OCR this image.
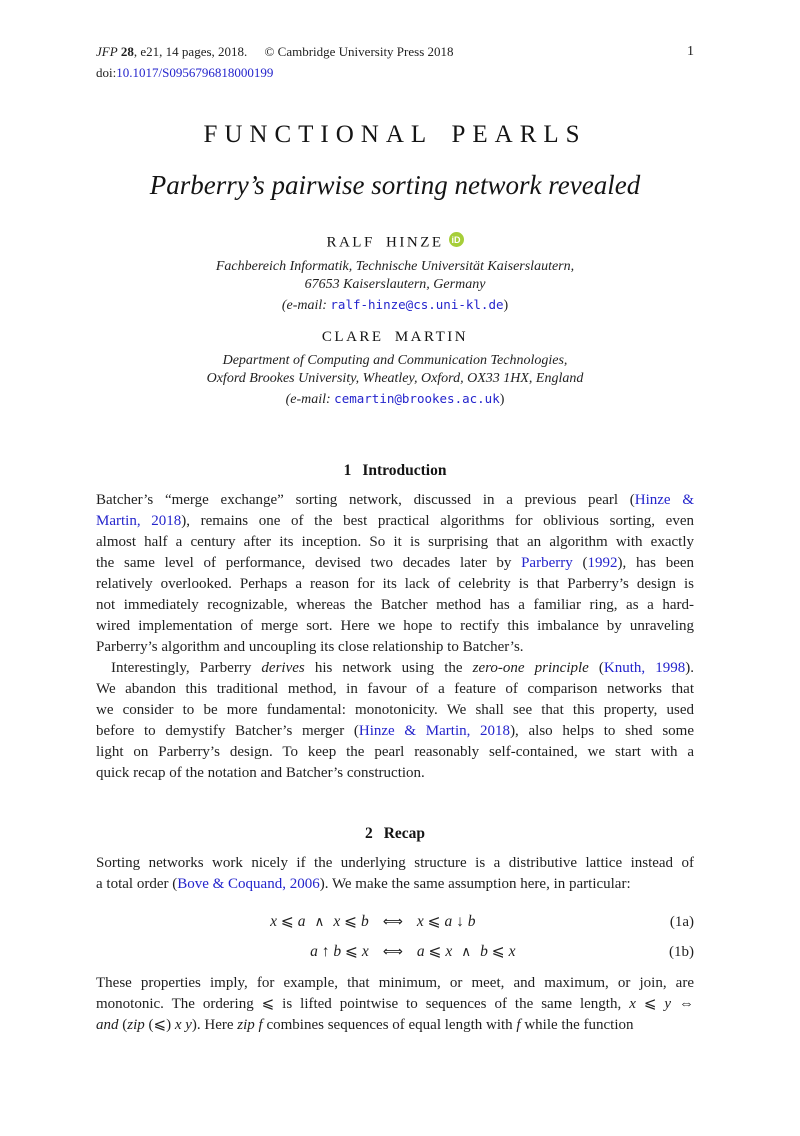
JFP 28, e21, 14 pages, 2018. © Cambridge University Press 2018	1
doi:10.1017/S0956796818000199
FUNCTIONAL PEARLS
Parberry’s pairwise sorting network revealed
RALF HINZE iD
Fachbereich Informatik, Technische Universität Kaiserslautern,
67653 Kaiserslautern, Germany
(e-mail: ralf-hinze@cs.uni-kl.de)
CLARE MARTIN
Department of Computing and Communication Technologies,
Oxford Brookes University, Wheatley, Oxford, OX33 1HX, England
(e-mail: cemartin@brookes.ac.uk)
1 Introduction
Batcher’s “merge exchange” sorting network, discussed in a previous pearl (Hinze &
Martin, 2018), remains one of the best practical algorithms for oblivious sorting, even
almost half a century after its inception. So it is surprising that an algorithm with exactly
the same level of performance, devised two decades later by Parberry (1992), has been
relatively overlooked. Perhaps a reason for its lack of celebrity is that Parberry’s design is
not immediately recognizable, whereas the Batcher method has a familiar ring, as a hard-
wired implementation of merge sort. Here we hope to rectify this imbalance by unraveling
Parberry’s algorithm and uncoupling its close relationship to Batcher’s.
Interestingly, Parberry derives his network using the zero-one principle (Knuth, 1998).
We abandon this traditional method, in favour of a feature of comparison networks that
we consider to be more fundamental: monotonicity. We shall see that this property, used
before to demystify Batcher’s merger (Hinze & Martin, 2018), also helps to shed some
light on Parberry’s design. To keep the pearl reasonably self-contained, we start with a
quick recap of the notation and Batcher’s construction.
2 Recap
Sorting networks work nicely if the underlying structure is a distributive lattice instead of
a total order (Bove & Coquand, 2006). We make the same assumption here, in particular:
x ⩽ a ∧ x ⩽ b	⟺ x ⩽ a ↓ b	(1a)
a ↑ b ⩽ x	⟺ a ⩽ x ∧ b ⩽ x	(1b)
These properties imply, for example, that minimum, or meet, and maximum, or join, are
monotonic. The ordering ⩽ is lifted pointwise to sequences of the same length, x ⩽ y ⇔
and (zip (⩽) x y). Here zip f combines sequences of equal length with f while the function
